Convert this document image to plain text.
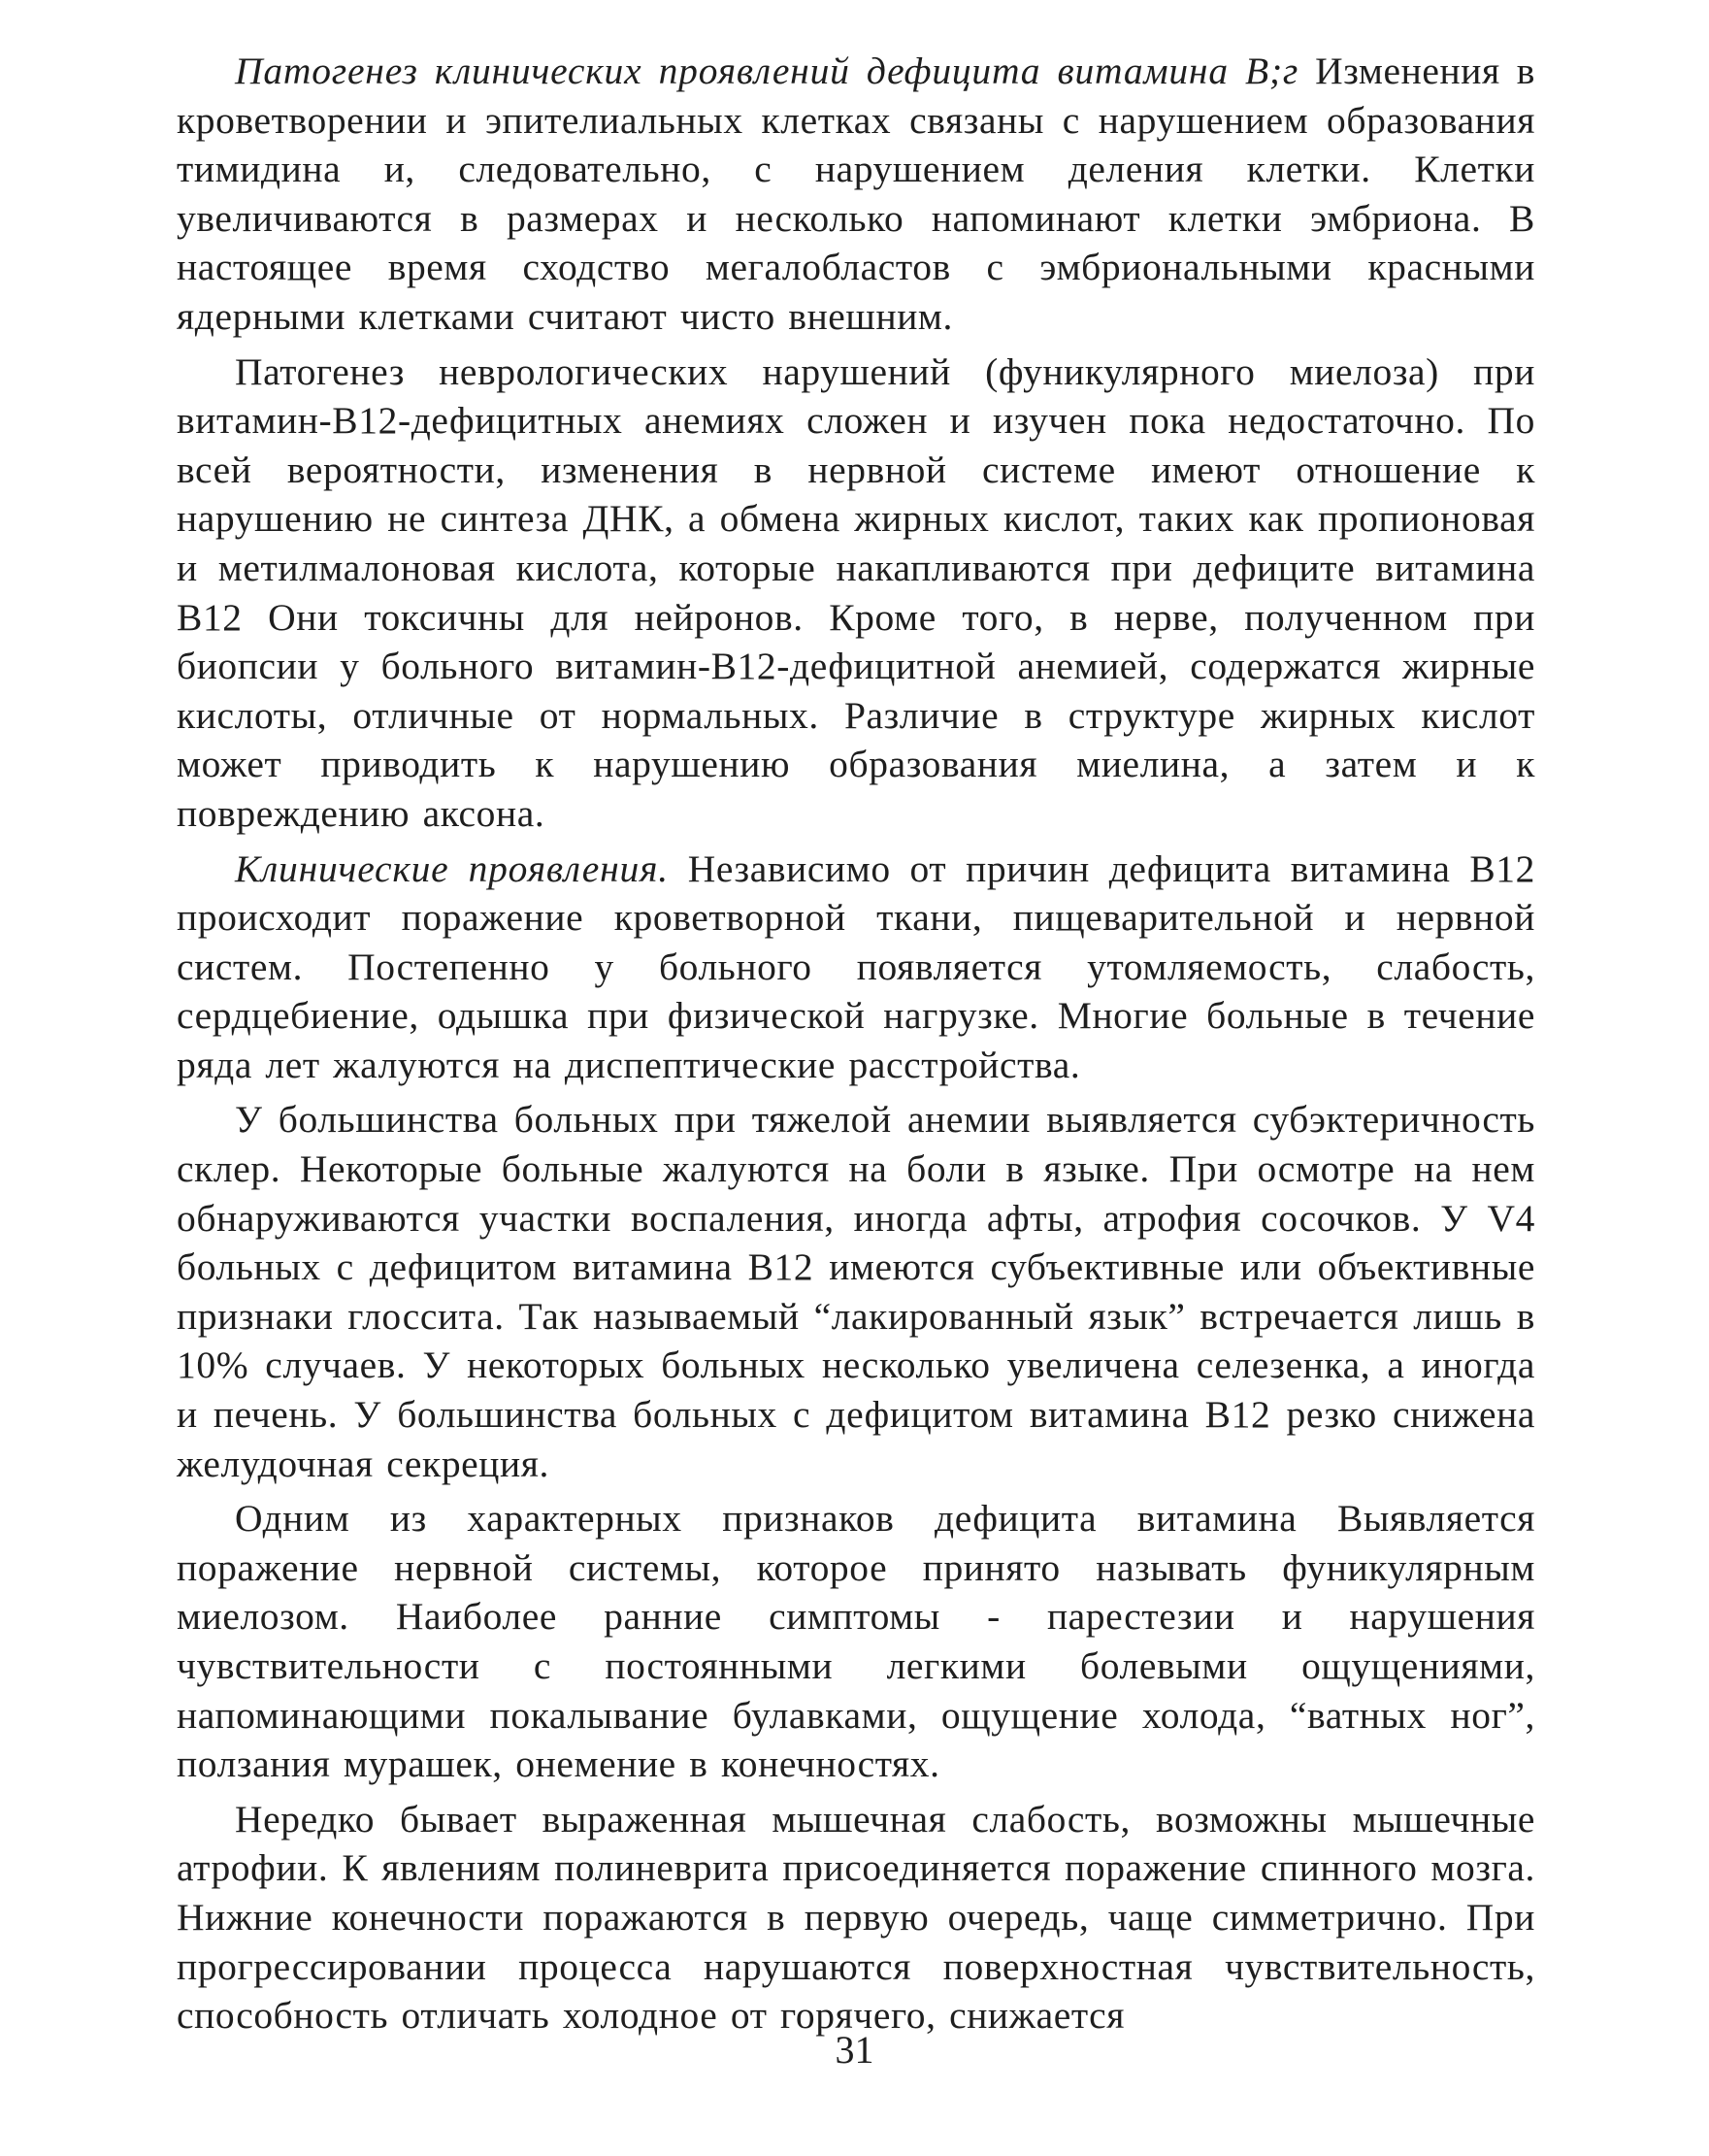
Патогенез клинических проявлений дефицита витамина В;г Изменения в кроветворении и эпителиальных клетках связаны с нарушением образования тимидина и, следовательно, с нарушением деления клетки. Клетки увеличиваются в размерах и несколько напоминают клетки эмбриона. В настоящее время сходство мегалобластов с эмбриональными красными ядерными клетками считают чисто внешним.

Патогенез неврологических нарушений (фуникулярного миелоза) при витамин-В12-дефицитных анемиях сложен и изучен пока недостаточно. По всей вероятности, изменения в нервной системе имеют отношение к нарушению не синтеза ДНК, а обмена жирных кислот, таких как пропионовая и метилмалоновая кислота, которые накапливаются при дефиците витамина В12 Они токсичны для нейронов. Кроме того, в нерве, полученном при биопсии у больного витамин-В12-дефицитной анемией, содержатся жирные кислоты, отличные от нормальных. Различие в структуре жирных кислот может приводить к нарушению образования миелина, а затем и к повреждению аксона.

Клинические проявления. Независимо от причин дефицита витамина В12 происходит поражение кроветворной ткани, пищеварительной и нервной систем. Постепенно у больного появляется утомляемость, слабость, сердцебиение, одышка при физической нагрузке. Многие больные в течение ряда лет жалуются на диспептические расстройства.

У большинства больных при тяжелой анемии выявляется субэктеричность склер. Некоторые больные жалуются на боли в языке. При осмотре на нем обнаруживаются участки воспаления, иногда афты, атрофия сосочков. У V4 больных с дефицитом витамина В12 имеются субъективные или объективные признаки глоссита. Так называемый “лакированный язык” встречается лишь в 10% случаев. У некоторых больных несколько увеличена селезенка, а иногда и печень. У большинства больных с дефицитом витамина В12 резко снижена желудочная секреция.

Одним из характерных признаков дефицита витамина Выявляется поражение нервной системы, которое принято называть фуникулярным миелозом. Наиболее ранние симптомы - парестезии и нарушения чувствительности с постоянными легкими болевыми ощущениями, напоминающими покалывание булавками, ощущение холода, “ватных ног”, ползания мурашек, онемение в конечностях.

Нередко бывает выраженная мышечная слабость, возможны мышечные атрофии. К явлениям полиневрита присоединяется поражение спинного мозга. Нижние конечности поражаются в первую очередь, чаще симметрично. При прогрессировании процесса нарушаются поверхностная чувствительность, способность отличать холодное от горячего, снижается

31
